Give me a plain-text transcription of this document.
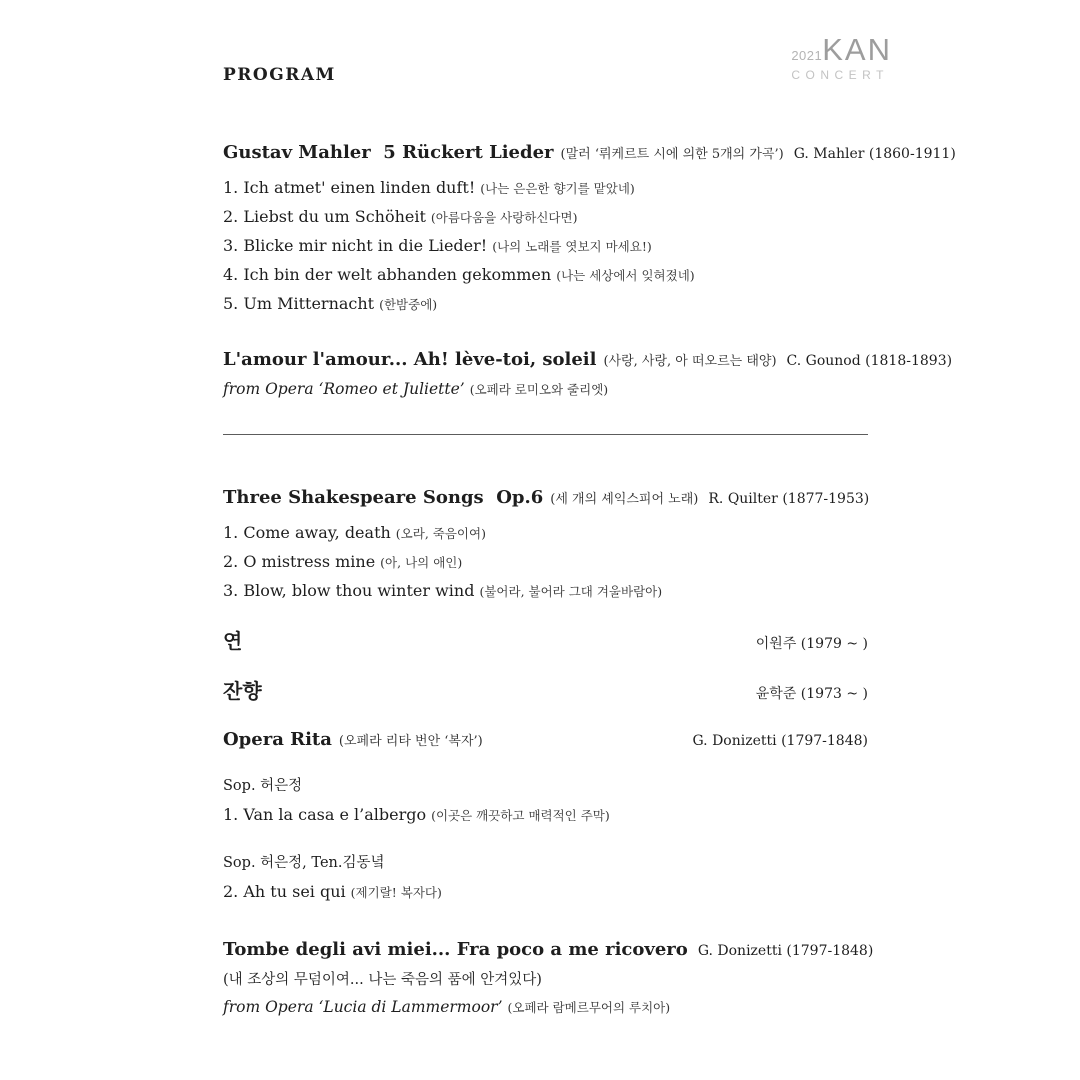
2021 KAN
CONCERT
PROGRAM
Gustav Mahler  5 Rückert Lieder (말러 ‘뤼케르트 시에 의한 5개의 가곡’) G. Mahler (1860-1911)
1. Ich atmet' einen linden duft! (나는 은은한 향기를 맡았네)
2. Liebst du um Schöheit (아름다움을 사랑하신다면)
3. Blicke mir nicht in die Lieder! (나의 노래를 엿보지 마세요!)
4. Ich bin der welt abhanden gekommen (나는 세상에서 잊혀졌네)
5. Um Mitternacht (한밤중에)
L'amour l'amour... Ah! lève-toi, soleil (사랑, 사랑, 아 떠오르는 태양) C. Gounod (1818-1893)
from Opera ‘Romeo et Juliette’ (오페라 로미오와 줄리엣)
Three Shakespeare Songs  Op.6 (세 개의 셰익스피어 노래) R. Quilter (1877-1953)
1. Come away, death (오라, 죽음이여)
2. O mistress mine (아, 나의 애인)
3. Blow, blow thou winter wind (불어라, 불어라 그대 겨울바람아)
연	이원주 (1979 ~ )
잔향	윤학준 (1973 ~ )
Opera Rita (오페라 리타 번안 ‘복자’)	G. Donizetti (1797-1848)
Sop. 허은정
1. Van la casa e l’albergo (이곳은 깨끗하고 매력적인 주막)
Sop. 허은정, Ten.김동녘
2. Ah tu sei qui (제기랄! 복자다)
Tombe degli avi miei... Fra poco a me ricovero G. Donizetti (1797-1848)
(내 조상의 무덤이여... 나는 죽음의 품에 안겨있다)
from Opera ‘Lucia di Lammermoor’ (오페라 람메르무어의 루치아)
